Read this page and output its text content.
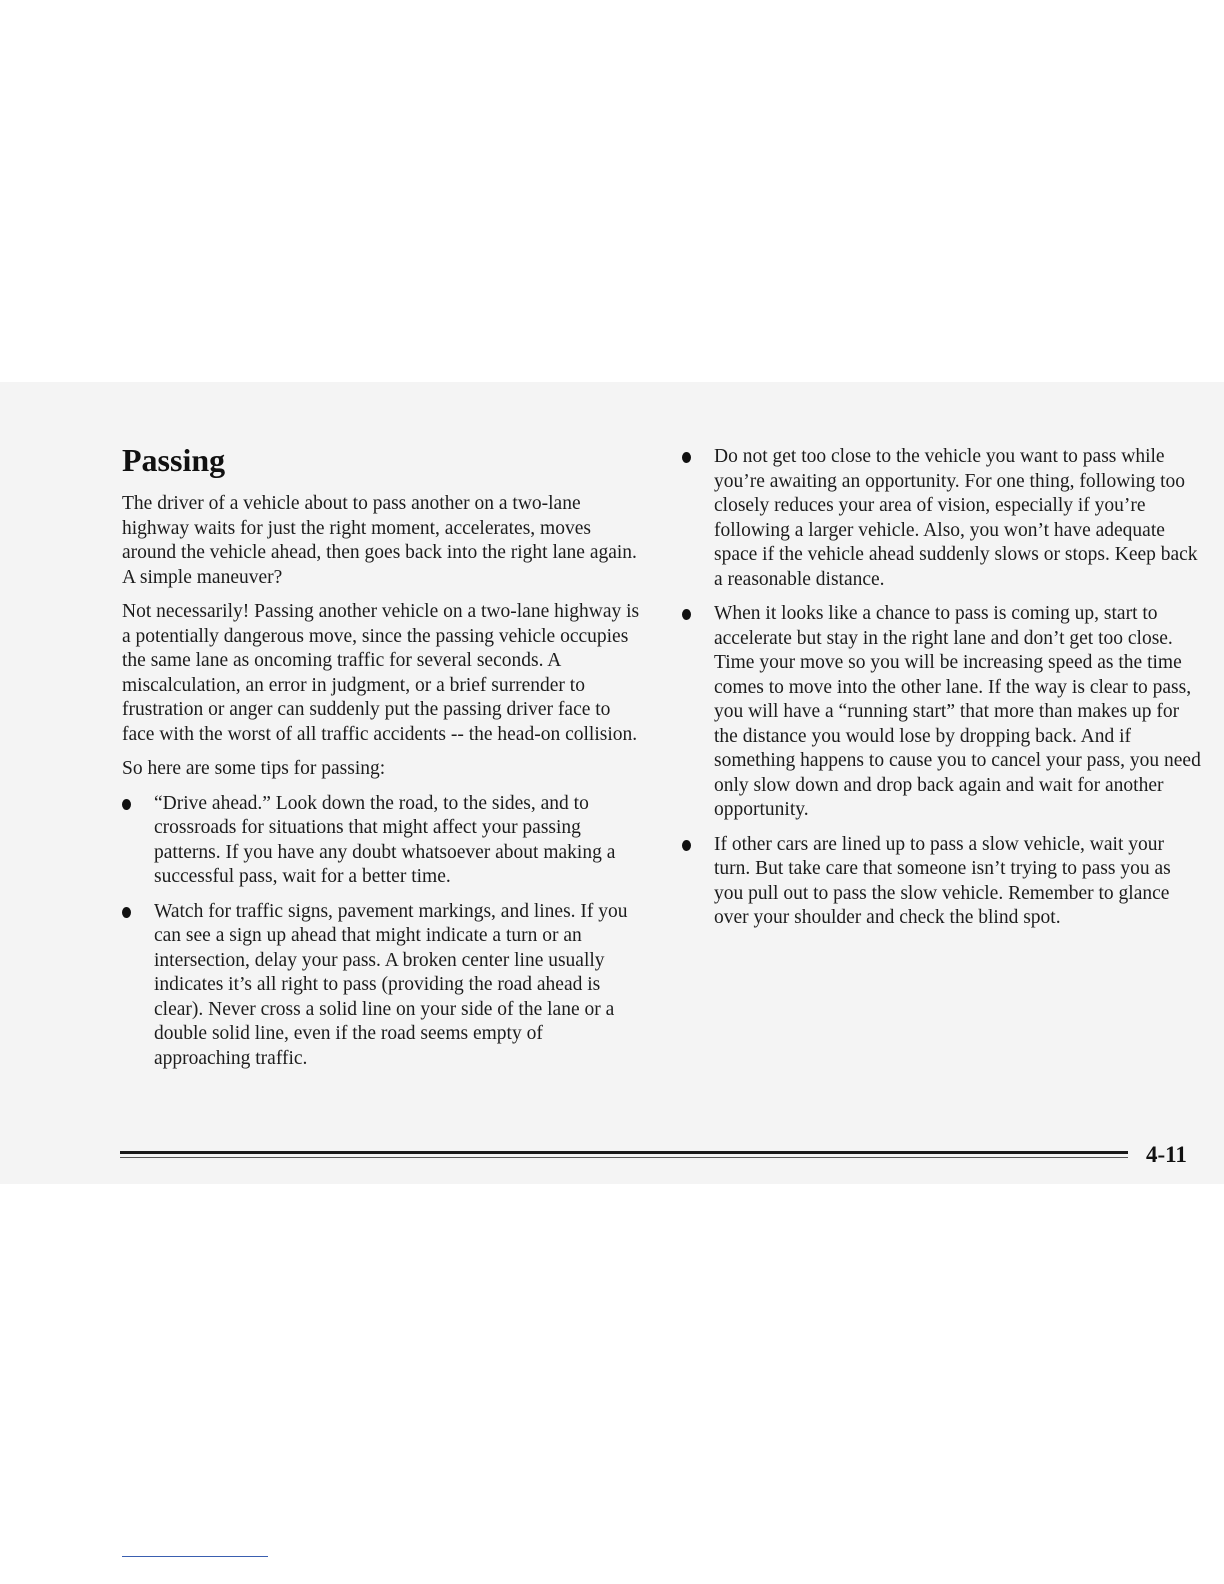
Passing

The driver of a vehicle about to pass another on a two-lane highway waits for just the right moment, accelerates, moves around the vehicle ahead, then goes back into the right lane again. A simple maneuver?

Not necessarily! Passing another vehicle on a two-lane highway is a potentially dangerous move, since the passing vehicle occupies the same lane as oncoming traffic for several seconds. A miscalculation, an error in judgment, or a brief surrender to frustration or anger can suddenly put the passing driver face to face with the worst of all traffic accidents -- the head-on collision.

So here are some tips for passing:

“Drive ahead.” Look down the road, to the sides, and to crossroads for situations that might affect your passing patterns. If you have any doubt whatsoever about making a successful pass, wait for a better time.
Watch for traffic signs, pavement markings, and lines. If you can see a sign up ahead that might indicate a turn or an intersection, delay your pass. A broken center line usually indicates it’s all right to pass (providing the road ahead is clear). Never cross a solid line on your side of the lane or a double solid line, even if the road seems empty of approaching traffic.
Do not get too close to the vehicle you want to pass while you’re awaiting an opportunity. For one thing, following too closely reduces your area of vision, especially if you’re following a larger vehicle. Also, you won’t have adequate space if the vehicle ahead suddenly slows or stops. Keep back a reasonable distance.
When it looks like a chance to pass is coming up, start to accelerate but stay in the right lane and don’t get too close. Time your move so you will be increasing speed as the time comes to move into the other lane. If the way is clear to pass, you will have a “running start” that more than makes up for the distance you would lose by dropping back. And if something happens to cause you to cancel your pass, you need only slow down and drop back again and wait for another opportunity.
If other cars are lined up to pass a slow vehicle, wait your turn. But take care that someone isn’t trying to pass you as you pull out to pass the slow vehicle. Remember to glance over your shoulder and check the blind spot.
4-11
